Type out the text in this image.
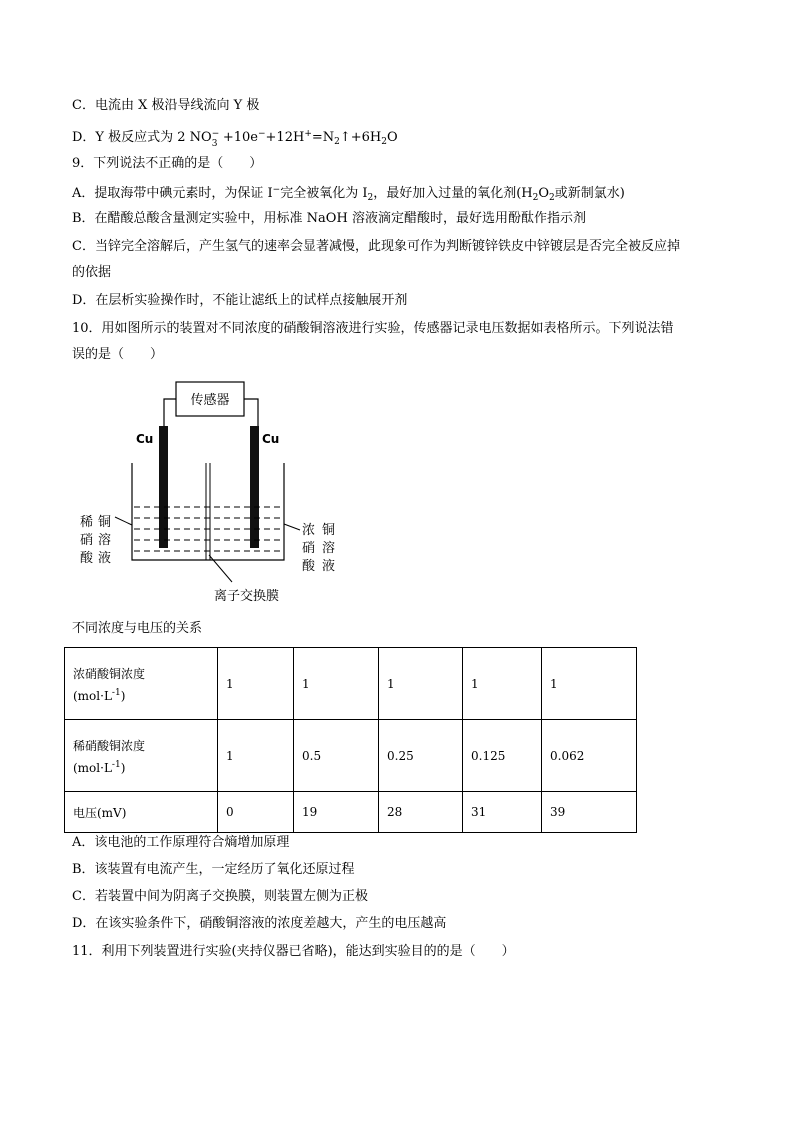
C．电流由 X 极沿导线流向 Y 极
D．Y 极反应式为 2 NO −
$3 +10e^-+12H^+=N_2↑+6H_2O$
9．下列说法不正确的是（　　）
A．提取海带中碘元素时，为保证 I−完全被氧化为 $I_2$，最好加入过量的氧化剂($H_2O_2$或新制氯水)
B．在醋酸总酸含量测定实验中，用标准 NaOH 溶液滴定醋酸时，最好选用酚酞作指示剂
C．当锌完全溶解后，产生氢气的速率会显著减慢，此现象可作为判断镀锌铁皮中锌镀层是否完全被反应掉
的依据
D．在层析实验操作时，不能让滤纸上的试样点接触展开剂
10．用如图所示的装置对不同浓度的硝酸铜溶液进行实验，传感器记录电压数据如表格所示。下列说法错
误的是（　　）
传感器
Cu	Cu
稀 铜
硝 溶
酸 液
浓 铜
硝 溶
酸 液
离子交换膜
不同浓度与电压的关系
浓硝酸铜浓度
$(mol\cdot L^{-1})$	1	1	1	1	1
稀硝酸铜浓度
$(mol\cdot L^{-1})$	1	0.5	0.25	0.125	0.062
电压(mV)	0	19	28	31	39
A．该电池的工作原理符合熵增加原理
B．该装置有电流产生，一定经历了氧化还原过程
C．若装置中间为阴离子交换膜，则装置左侧为正极
D．在该实验条件下，硝酸铜溶液的浓度差越大，产生的电压越高
11．利用下列装置进行实验(夹持仪器已省略)，能达到实验目的的是（　　）
